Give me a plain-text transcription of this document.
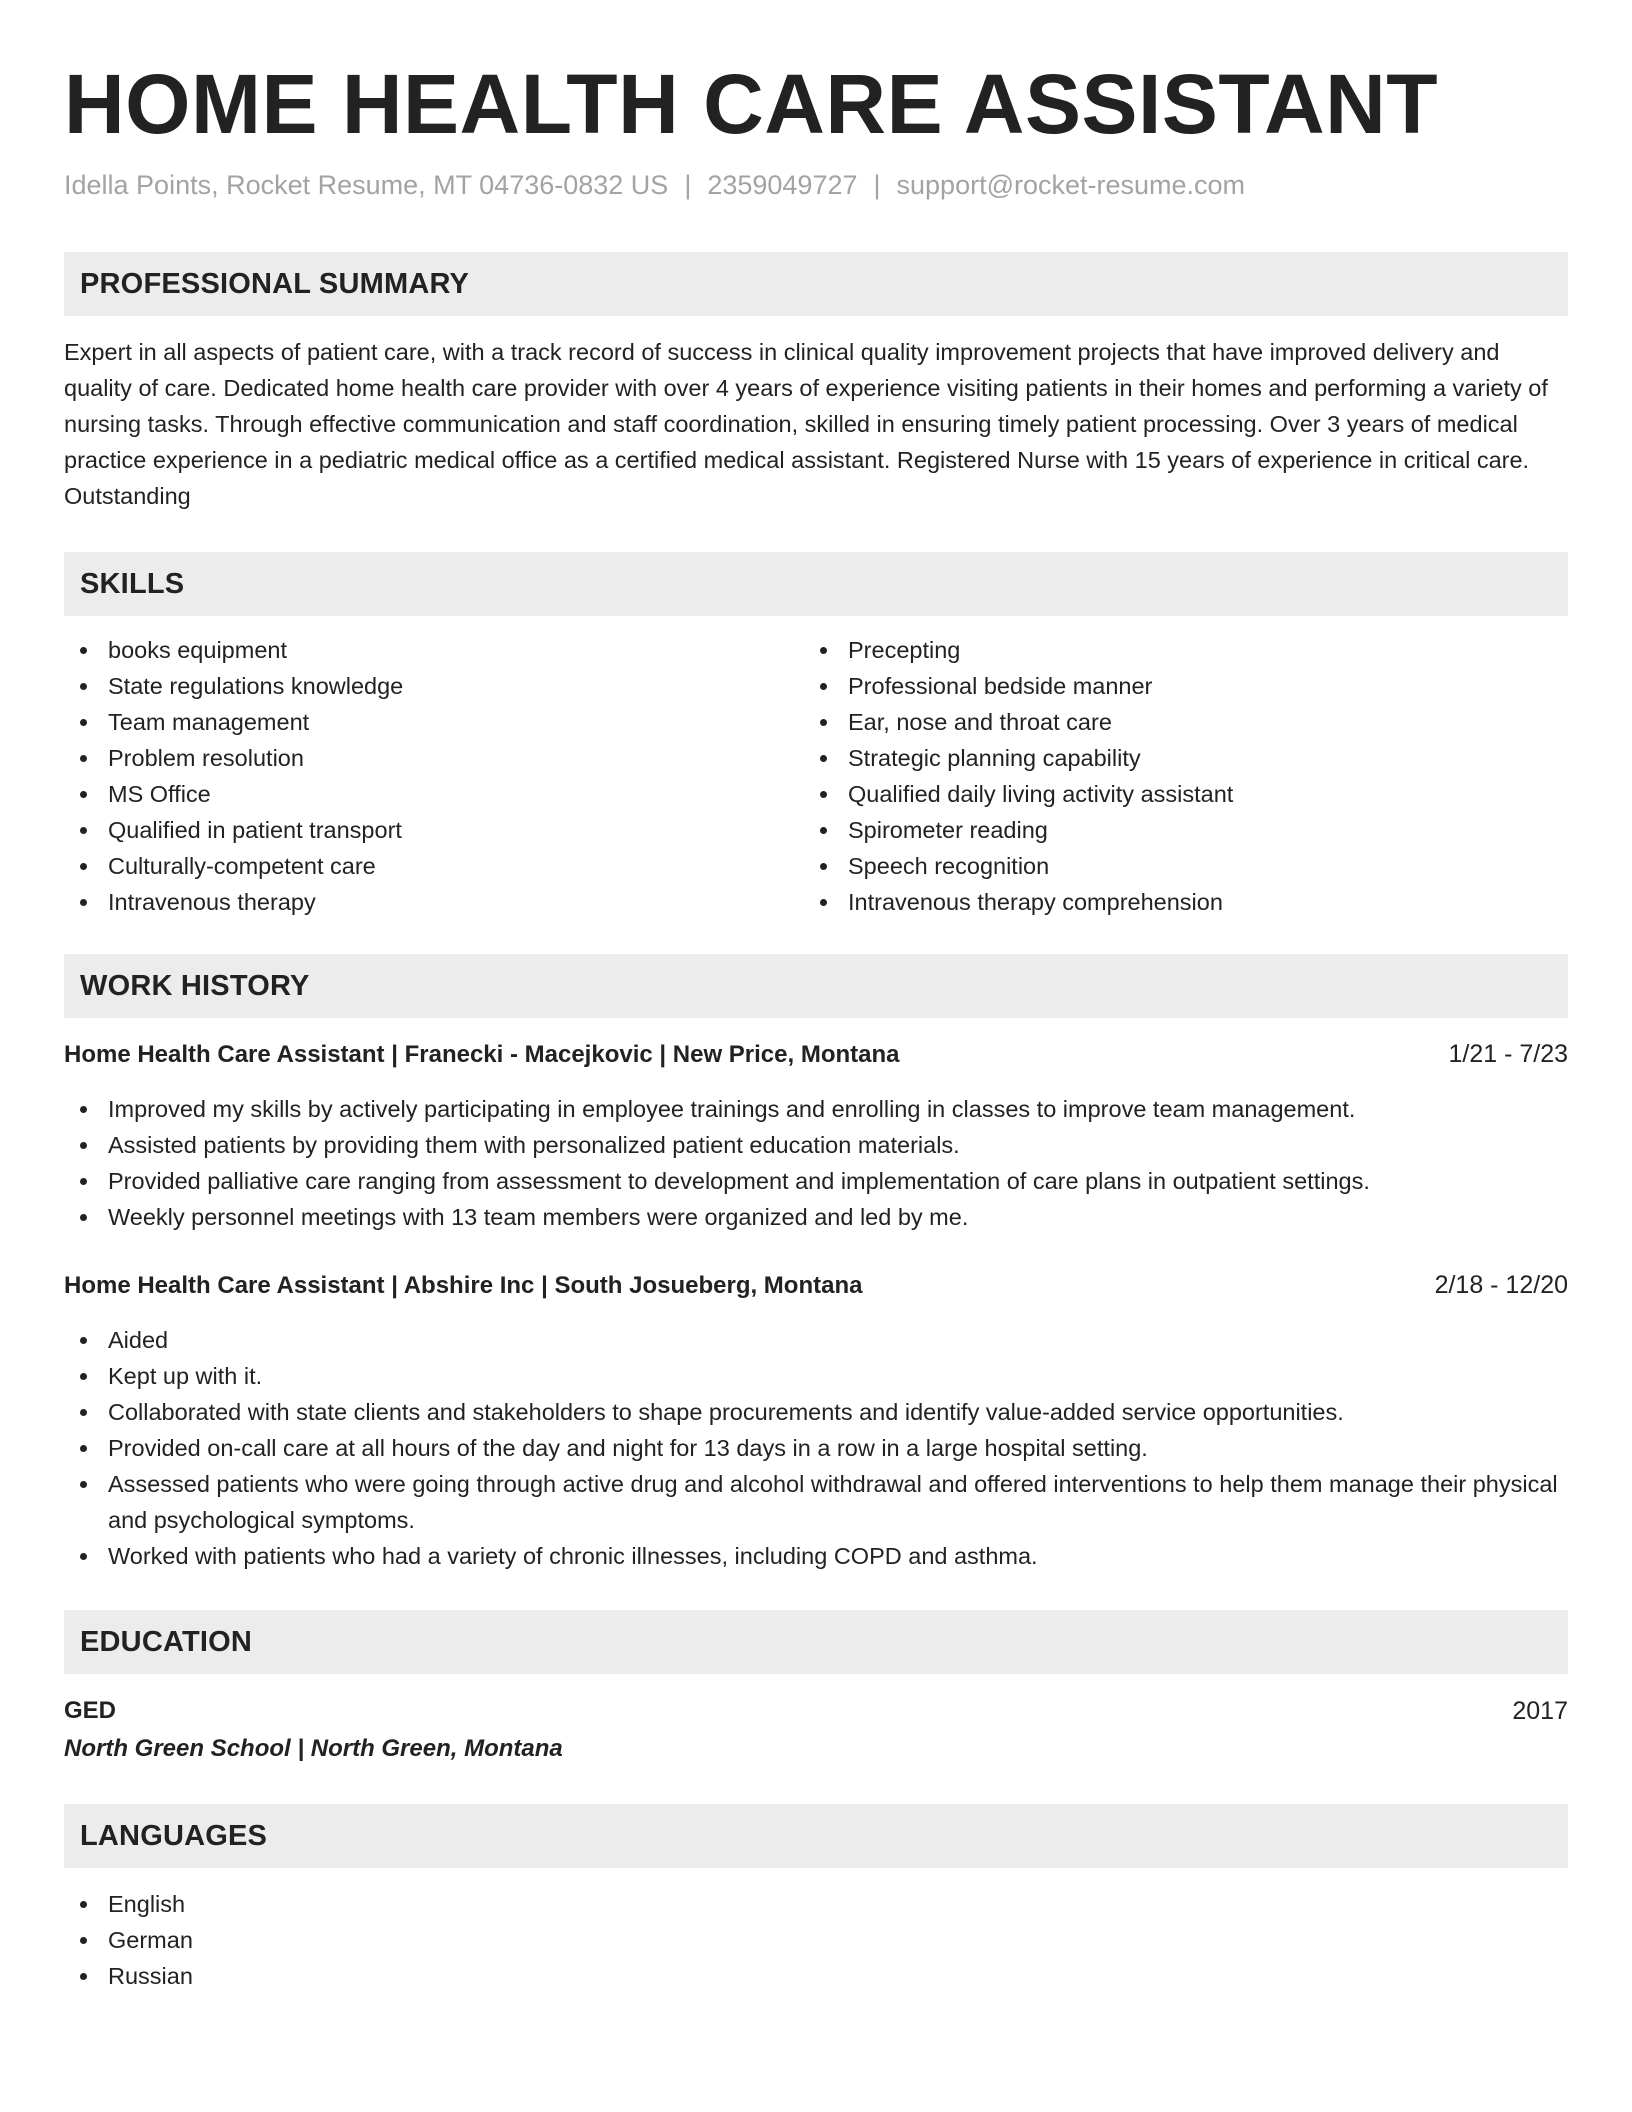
HOME HEALTH CARE ASSISTANT
Idella Points, Rocket Resume, MT 04736-0832 US | 2359049727 | support@rocket-resume.com
PROFESSIONAL SUMMARY
Expert in all aspects of patient care, with a track record of success in clinical quality improvement projects that have improved delivery and quality of care. Dedicated home health care provider with over 4 years of experience visiting patients in their homes and performing a variety of nursing tasks. Through effective communication and staff coordination, skilled in ensuring timely patient processing. Over 3 years of medical practice experience in a pediatric medical office as a certified medical assistant. Registered Nurse with 15 years of experience in critical care. Outstanding
SKILLS
books equipment
State regulations knowledge
Team management
Problem resolution
MS Office
Qualified in patient transport
Culturally-competent care
Intravenous therapy
Precepting
Professional bedside manner
Ear, nose and throat care
Strategic planning capability
Qualified daily living activity assistant
Spirometer reading
Speech recognition
Intravenous therapy comprehension
WORK HISTORY
Home Health Care Assistant | Franecki - Macejkovic | New Price, Montana	1/21 - 7/23
Improved my skills by actively participating in employee trainings and enrolling in classes to improve team management.
Assisted patients by providing them with personalized patient education materials.
Provided palliative care ranging from assessment to development and implementation of care plans in outpatient settings.
Weekly personnel meetings with 13 team members were organized and led by me.
Home Health Care Assistant | Abshire Inc | South Josueberg, Montana	2/18 - 12/20
Aided
Kept up with it.
Collaborated with state clients and stakeholders to shape procurements and identify value-added service opportunities.
Provided on-call care at all hours of the day and night for 13 days in a row in a large hospital setting.
Assessed patients who were going through active drug and alcohol withdrawal and offered interventions to help them manage their physical and psychological symptoms.
Worked with patients who had a variety of chronic illnesses, including COPD and asthma.
EDUCATION
GED	2017
North Green School | North Green, Montana
LANGUAGES
English
German
Russian
